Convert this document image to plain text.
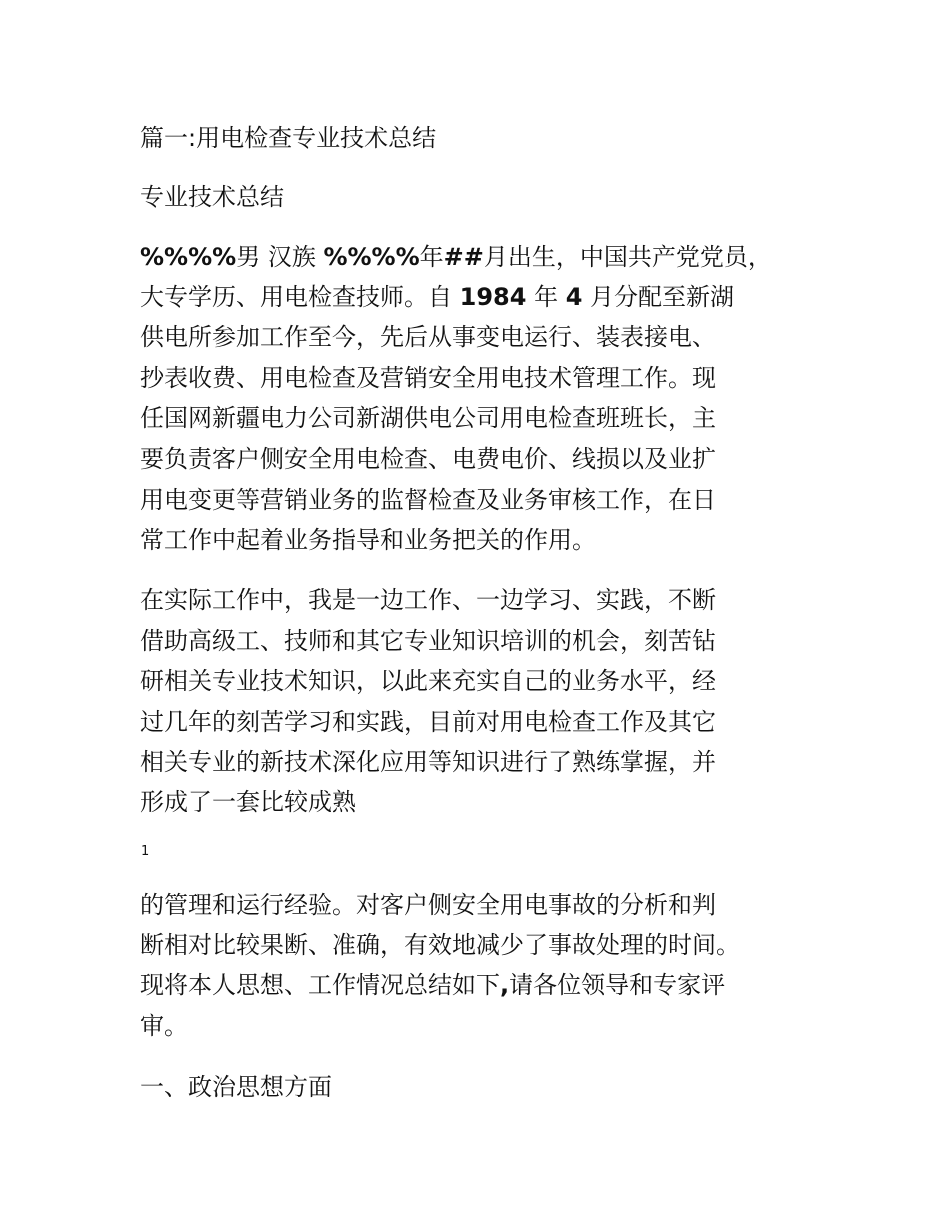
篇一:用电检查专业技术总结

专业技术总结

%%%%男 汉族 %%%%年##月出生，中国共产党党员，

大专学历、用电检查技师。自 1984 年 4 月分配至新湖

供电所参加工作至今，先后从事变电运行、装表接电、

抄表收费、用电检查及营销安全用电技术管理工作。现

任国网新疆电力公司新湖供电公司用电检查班班长，主

要负责客户侧安全用电检查、电费电价、线损以及业扩

用电变更等营销业务的监督检查及业务审核工作，在日

常工作中起着业务指导和业务把关的作用。

在实际工作中，我是一边工作、一边学习、实践，不断

借助高级工、技师和其它专业知识培训的机会，刻苦钻

研相关专业技术知识，以此来充实自己的业务水平，经

过几年的刻苦学习和实践，目前对用电检查工作及其它

相关专业的新技术深化应用等知识进行了熟练掌握，并

形成了一套比较成熟

1

的管理和运行经验。对客户侧安全用电事故的分析和判

断相对比较果断、准确，有效地减少了事故处理的时间。

现将本人思想、工作情况总结如下,请各位领导和专家评

审。

一、政治思想方面
